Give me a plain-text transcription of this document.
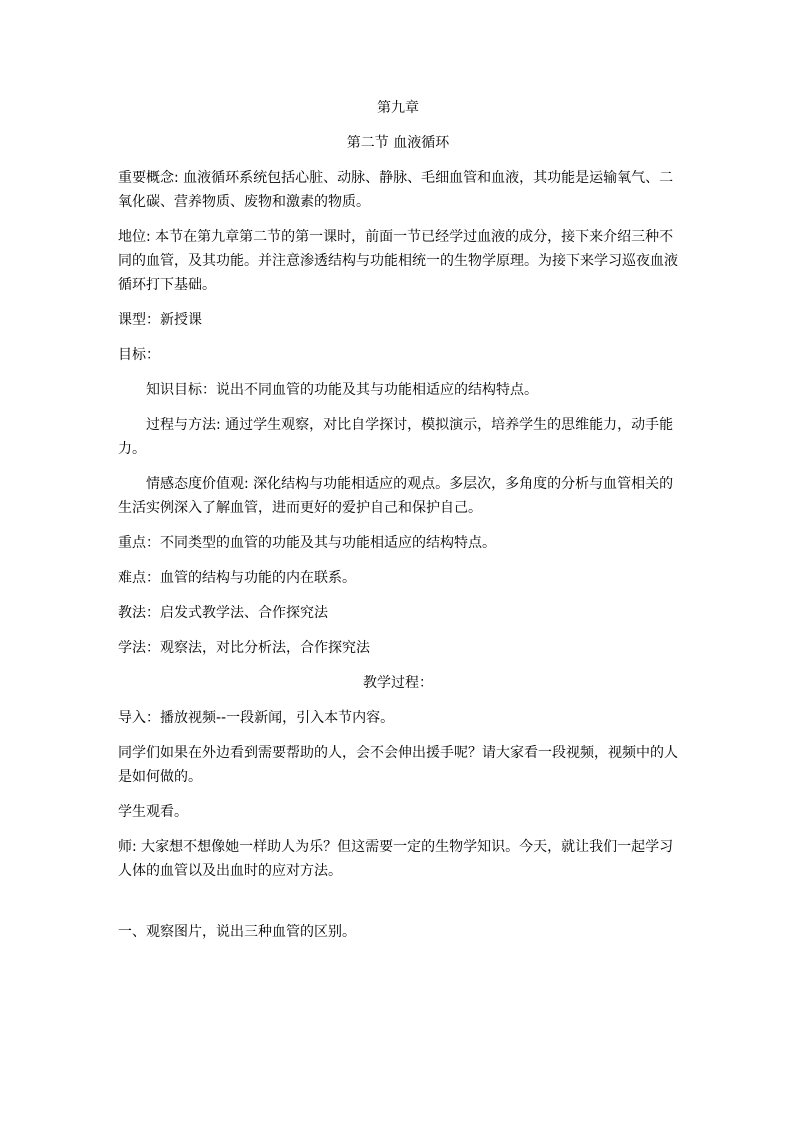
第九章

第二节 血液循环

重要概念: 血液循环系统包括心脏、动脉、静脉、毛细血管和血液，其功能是运输氧气、二氧化碳、营养物质、废物和激素的物质。

地位: 本节在第九章第二节的第一课时，前面一节已经学过血液的成分，接下来介绍三种不同的血管，及其功能。并注意渗透结构与功能相统一的生物学原理。为接下来学习巡夜血液循环打下基础。

课型：新授课

目标：

知识目标：说出不同血管的功能及其与功能相适应的结构特点。

过程与方法: 通过学生观察，对比自学探讨，模拟演示，培养学生的思维能力，动手能力。

情感态度价值观: 深化结构与功能相适应的观点。多层次，多角度的分析与血管相关的生活实例深入了解血管，进而更好的爱护自己和保护自己。

重点：不同类型的血管的功能及其与功能相适应的结构特点。

难点：血管的结构与功能的内在联系。

教法：启发式教学法、合作探究法

学法：观察法，对比分析法，合作探究法

教学过程：

导入：播放视频--一段新闻，引入本节内容。

同学们如果在外边看到需要帮助的人，会不会伸出援手呢？请大家看一段视频，视频中的人是如何做的。

学生观看。

师: 大家想不想像她一样助人为乐？但这需要一定的生物学知识。今天，就让我们一起学习人体的血管以及出血时的应对方法。

一、观察图片，说出三种血管的区别。
